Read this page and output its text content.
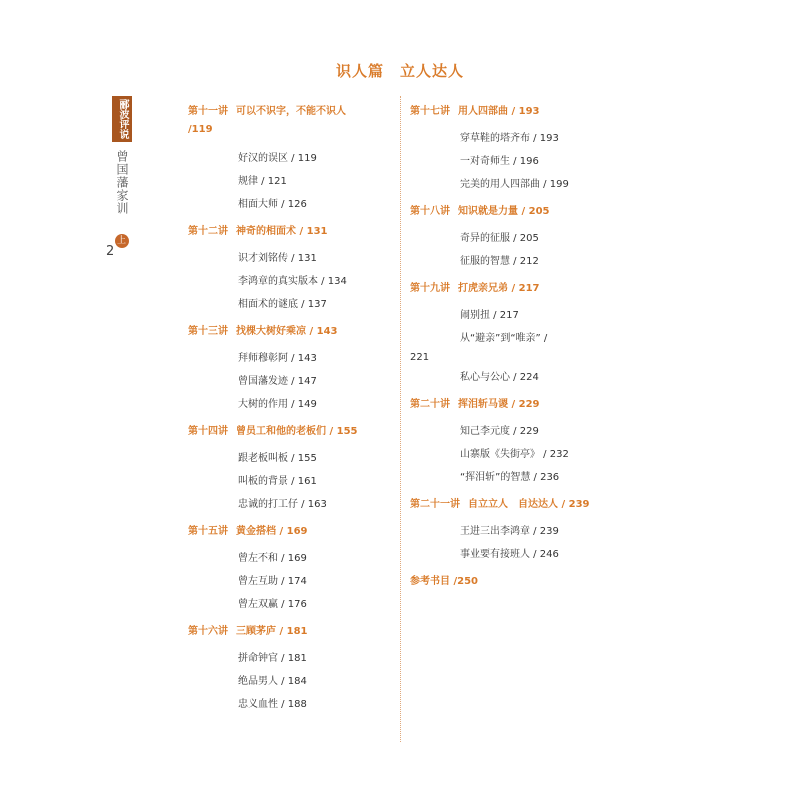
识人篇　立人达人
郦波评说
曾国藩家训 上
2
第十一讲 可以不识字，不能不识人
/119
好汉的误区 / 119
规律 / 121
相面大师 / 126
第十二讲 神奇的相面术 / 131
识才刘铭传 / 131
李鸿章的真实版本 / 134
相面术的谜底 / 137
第十三讲 找棵大树好乘凉 / 143
拜师穆彰阿 / 143
曾国藩发迹 / 147
大树的作用 / 149
第十四讲 曾员工和他的老板们 / 155
跟老板叫板 / 155
叫板的背景 / 161
忠诚的打工仔 / 163
第十五讲 黄金搭档 / 169
曾左不和 / 169
曾左互助 / 174
曾左双赢 / 176
第十六讲 三顾茅庐 / 181
拼命钟官 / 181
绝品男人 / 184
忠义血性 / 188
第十七讲 用人四部曲 / 193
穿草鞋的塔齐布 / 193
一对奇师生 / 196
完美的用人四部曲 / 199
第十八讲 知识就是力量 / 205
奇异的征服 / 205
征服的智慧 / 212
第十九讲 打虎亲兄弟 / 217
闹别扭 / 217
从“避亲”到“唯亲” /
221
私心与公心 / 224
第二十讲 挥泪斩马谡 / 229
知己李元度 / 229
山寨版《失街亭》 / 232
“挥泪斩”的智慧 / 236
第二十一讲 自立立人　自达达人 / 239
王进三出李鸿章 / 239
事业要有接班人 / 246
参考书目 /250
